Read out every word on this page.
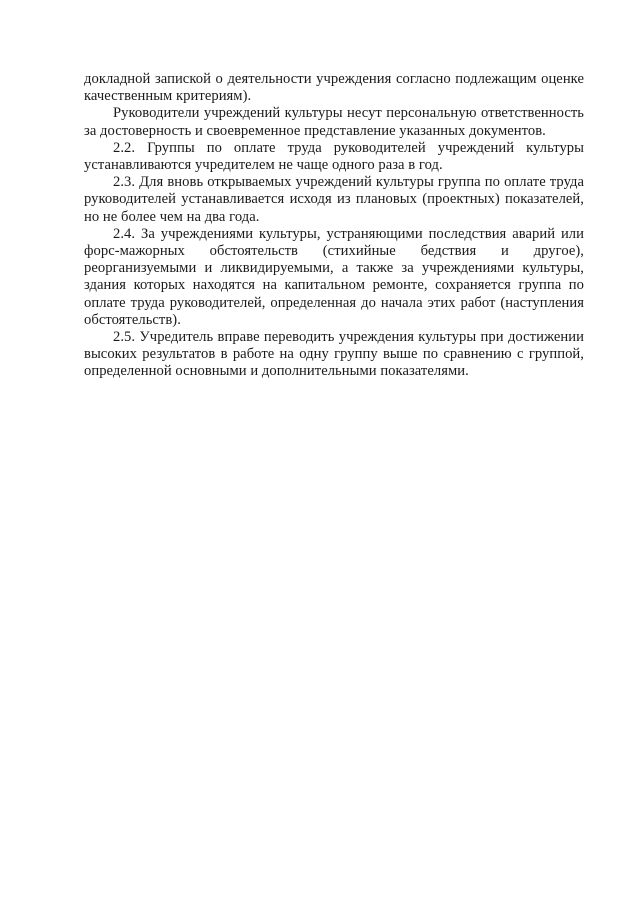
докладной запиской о деятельности учреждения согласно подлежащим оценке качественным критериям).

Руководители учреждений культуры несут персональную ответственность за достоверность и своевременное представление указанных документов.

2.2. Группы по оплате труда руководителей учреждений культуры устанавливаются учредителем не чаще одного раза в год.

2.3. Для вновь открываемых учреждений культуры группа по оплате труда руководителей устанавливается исходя из плановых (проектных) показателей, но не более чем на два года.

2.4. За учреждениями культуры, устраняющими последствия аварий или форс-мажорных обстоятельств (стихийные бедствия и другое), реорганизуемыми и ликвидируемыми, а также за учреждениями культуры, здания которых находятся на капитальном ремонте, сохраняется группа по оплате труда руководителей, определенная до начала этих работ (наступления обстоятельств).

2.5. Учредитель вправе переводить учреждения культуры при достижении высоких результатов в работе на одну группу выше по сравнению с группой, определенной основными и дополнительными показателями.
